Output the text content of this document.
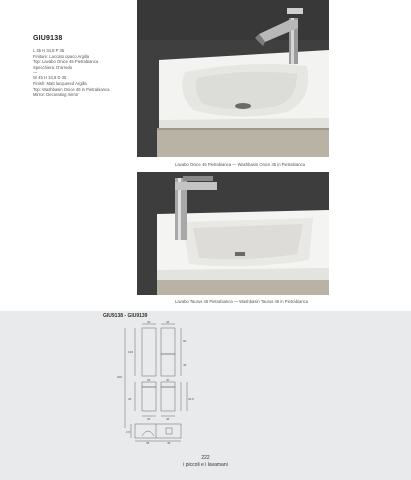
GIU9138
L 45 H 34,8 P 35
Finiture: Laccato opaco Argilla
Top: Lavabo Onice 45 Pietrabianca
Specchiera: D'arredo
—
W 45 H 34,8 D 35
Finish: Matt lacquered Argilla
Top: Washbasin Onice 45 in Pietrabianca
Mirror: Decorating mirror
Lavabo Onice 45 Pietrabianca — Washbasin Onice 45 in Pietrabianca
Lavabo Taurus 45 Pietrabianca — Washbasin Taurus 45 in Pietrabianca
GIU9138 - GIU9139
40	45
136
200
80
45
35	40
40	34,8
35	45
2,5
35	45
222
i piccoli e i lavamani
